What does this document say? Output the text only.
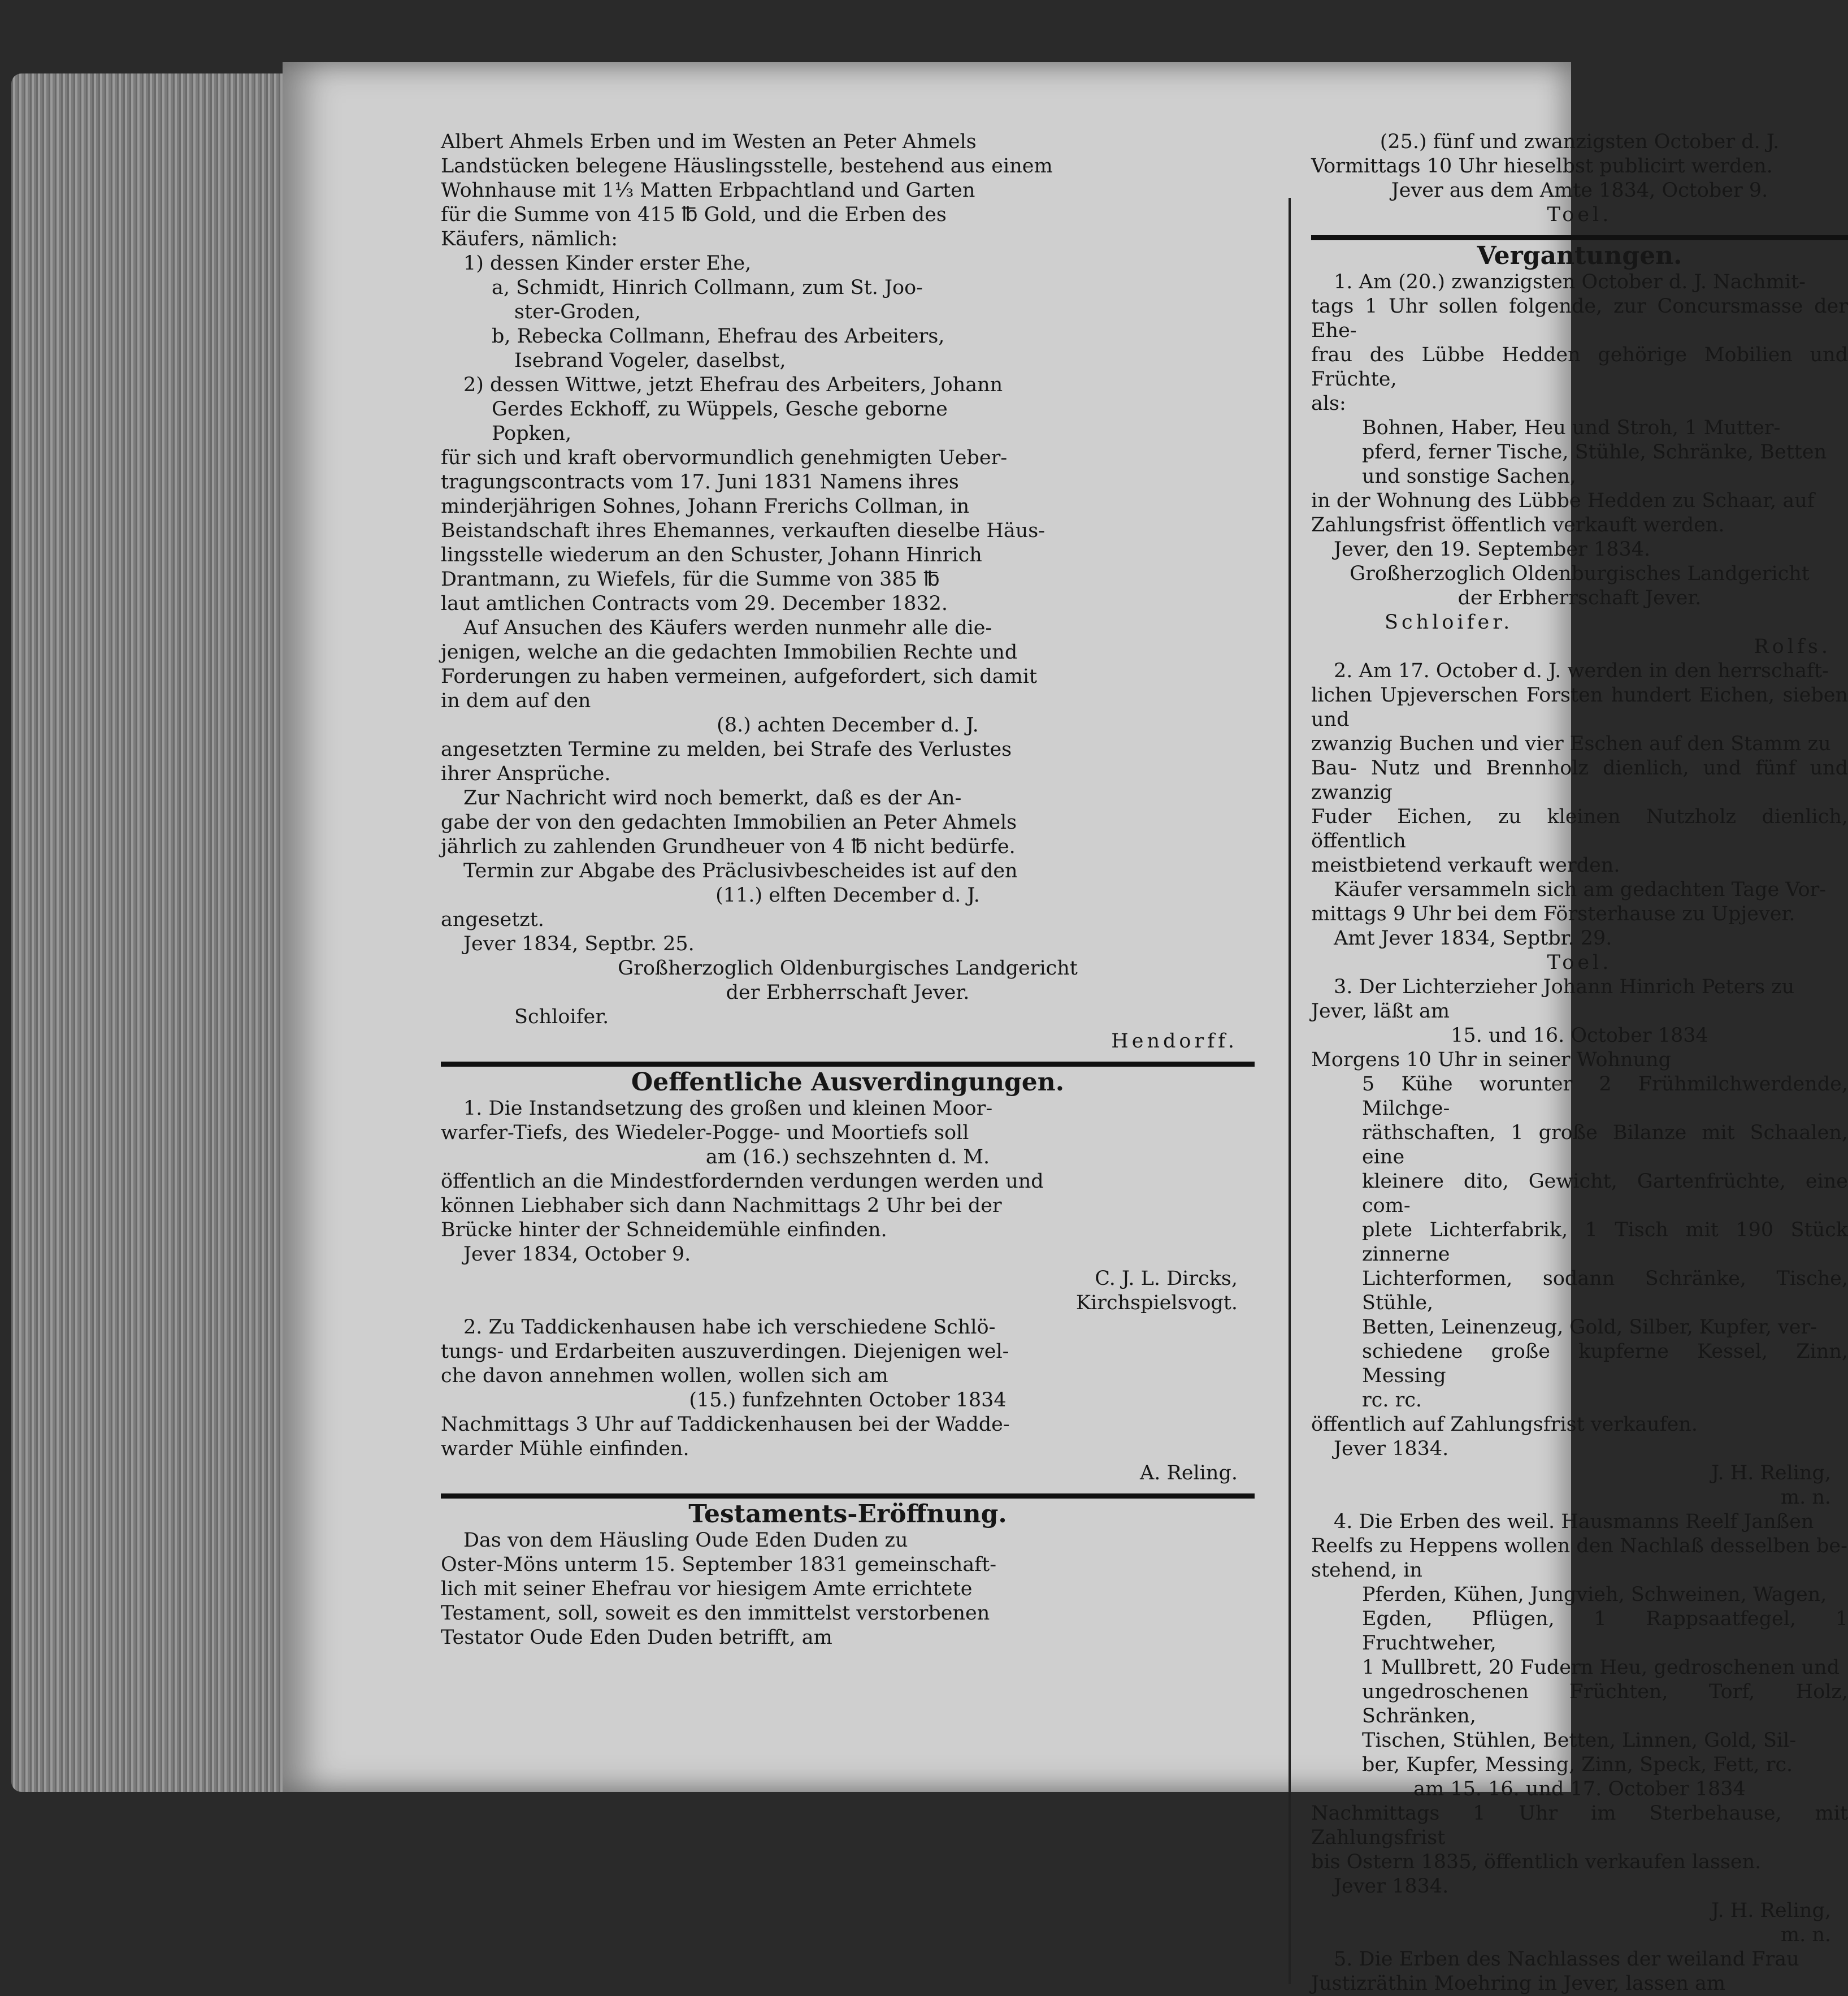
Albert Ahmels Erben und im Westen an Peter Ahmels

Landstücken belegene Häuslingsstelle, bestehend aus einem

Wohnhause mit 1⅓ Matten Erbpachtland und Garten

für die Summe von 415 ℔ Gold, und die Erben des

Käufers, nämlich:

1) dessen Kinder erster Ehe,

a, Schmidt, Hinrich Collmann, zum St. Joo-

ster-Groden,

b, Rebecka Collmann, Ehefrau des Arbeiters,

Isebrand Vogeler, daselbst,

2) dessen Wittwe, jetzt Ehefrau des Arbeiters, Johann

Gerdes Eckhoff, zu Wüppels, Gesche geborne

Popken,

für sich und kraft obervormundlich genehmigten Ueber-

tragungscontracts vom 17. Juni 1831 Namens ihres

minderjährigen Sohnes, Johann Frerichs Collman, in

Beistandschaft ihres Ehemannes, verkauften dieselbe Häus-

lingsstelle wiederum an den Schuster, Johann Hinrich

Drantmann, zu Wiefels, für die Summe von 385 ℔

laut amtlichen Contracts vom 29. December 1832.

Auf Ansuchen des Käufers werden nunmehr alle die-

jenigen, welche an die gedachten Immobilien Rechte und

Forderungen zu haben vermeinen, aufgefordert, sich damit

in dem auf den

(8.) achten December d. J.

angesetzten Termine zu melden, bei Strafe des Verlustes

ihrer Ansprüche.

Zur Nachricht wird noch bemerkt, daß es der An-

gabe der von den gedachten Immobilien an Peter Ahmels

jährlich zu zahlenden Grundheuer von 4 ℔ nicht bedürfe.

Termin zur Abgabe des Präclusivbescheides ist auf den

(11.) elften December d. J.

angesetzt.

Jever 1834, Septbr. 25.

Großherzoglich Oldenburgisches Landgericht

der Erbherrschaft Jever.

Schloifer.

Hendorff.

Oeffentliche Ausverdingungen.

1. Die Instandsetzung des großen und kleinen Moor-

warfer-Tiefs, des Wiedeler-Pogge- und Moortiefs soll

am (16.) sechszehnten d. M.

öffentlich an die Mindestfordernden verdungen werden und

können Liebhaber sich dann Nachmittags 2 Uhr bei der

Brücke hinter der Schneidemühle einfinden.

Jever 1834, October 9.

C. J. L. Dircks,

Kirchspielsvogt.

2. Zu Taddickenhausen habe ich verschiedene Schlö-

tungs- und Erdarbeiten auszuverdingen. Diejenigen wel-

che davon annehmen wollen, wollen sich am

(15.) funfzehnten October 1834

Nachmittags 3 Uhr auf Taddickenhausen bei der Wadde-

warder Mühle einfinden.

A. Reling.

Testaments-Eröffnung.

Das von dem Häusling Oude Eden Duden zu

Oster-Möns unterm 15. September 1831 gemeinschaft-

lich mit seiner Ehefrau vor hiesigem Amte errichtete

Testament, soll, soweit es den immittelst verstorbenen

Testator Oude Eden Duden betrifft, am

(25.) fünf und zwanzigsten October d. J.

Vormittags 10 Uhr hieselbst publicirt werden.

Jever aus dem Amte 1834, October 9.

Toel.

Vergantungen.

1. Am (20.) zwanzigsten October d. J. Nachmit-

tags 1 Uhr sollen folgende, zur Concursmasse der Ehe-

frau des Lübbe Hedden gehörige Mobilien und Früchte,

als:

Bohnen, Haber, Heu und Stroh, 1 Mutter-

pferd, ferner Tische, Stühle, Schränke, Betten

und sonstige Sachen,

in der Wohnung des Lübbe Hedden zu Schaar, auf

Zahlungsfrist öffentlich verkauft werden.

Jever, den 19. September 1834.

Großherzoglich Oldenburgisches Landgericht

der Erbherrschaft Jever.

Schloifer.

Rolfs.

2. Am 17. October d. J. werden in den herrschaft-

lichen Upjeverschen Forsten hundert Eichen, sieben und

zwanzig Buchen und vier Eschen auf den Stamm zu

Bau- Nutz und Brennholz dienlich, und fünf und zwanzig

Fuder Eichen, zu kleinen Nutzholz dienlich, öffentlich

meistbietend verkauft werden.

Käufer versammeln sich am gedachten Tage Vor-

mittags 9 Uhr bei dem Försterhause zu Upjever.

Amt Jever 1834, Septbr. 29.

Toel.

3. Der Lichterzieher Johann Hinrich Peters zu

Jever, läßt am

15. und 16. October 1834

Morgens 10 Uhr in seiner Wohnung

5 Kühe worunter 2 Frühmilchwerdende, Milchge-

räthschaften, 1 große Bilanze mit Schaalen, eine

kleinere dito, Gewicht, Gartenfrüchte, eine com-

plete Lichterfabrik, 1 Tisch mit 190 Stück zinnerne

Lichterformen, sodann Schränke, Tische, Stühle,

Betten, Leinenzeug, Gold, Silber, Kupfer, ver-

schiedene große kupferne Kessel, Zinn, Messing

rc. rc.

öffentlich auf Zahlungsfrist verkaufen.

Jever 1834.

J. H. Reling,

m. n.

4. Die Erben des weil. Hausmanns Reelf Janßen

Reelfs zu Heppens wollen den Nachlaß desselben be-

stehend, in

Pferden, Kühen, Jungvieh, Schweinen, Wagen,

Egden, Pflügen, 1 Rappsaatfegel, 1 Fruchtweher,

1 Mullbrett, 20 Fudern Heu, gedroschenen und

ungedroschenen Früchten, Torf, Holz, Schränken,

Tischen, Stühlen, Betten, Linnen, Gold, Sil-

ber, Kupfer, Messing, Zinn, Speck, Fett, rc.

am 15. 16. und 17. October 1834

Nachmittags 1 Uhr im Sterbehause, mit Zahlungsfrist

bis Ostern 1835, öffentlich verkaufen lassen.

Jever 1834.

J. H. Reling,

m. n.

5. Die Erben des Nachlasses der weiland Frau

Justizräthin Moehring in Jever, lassen am
